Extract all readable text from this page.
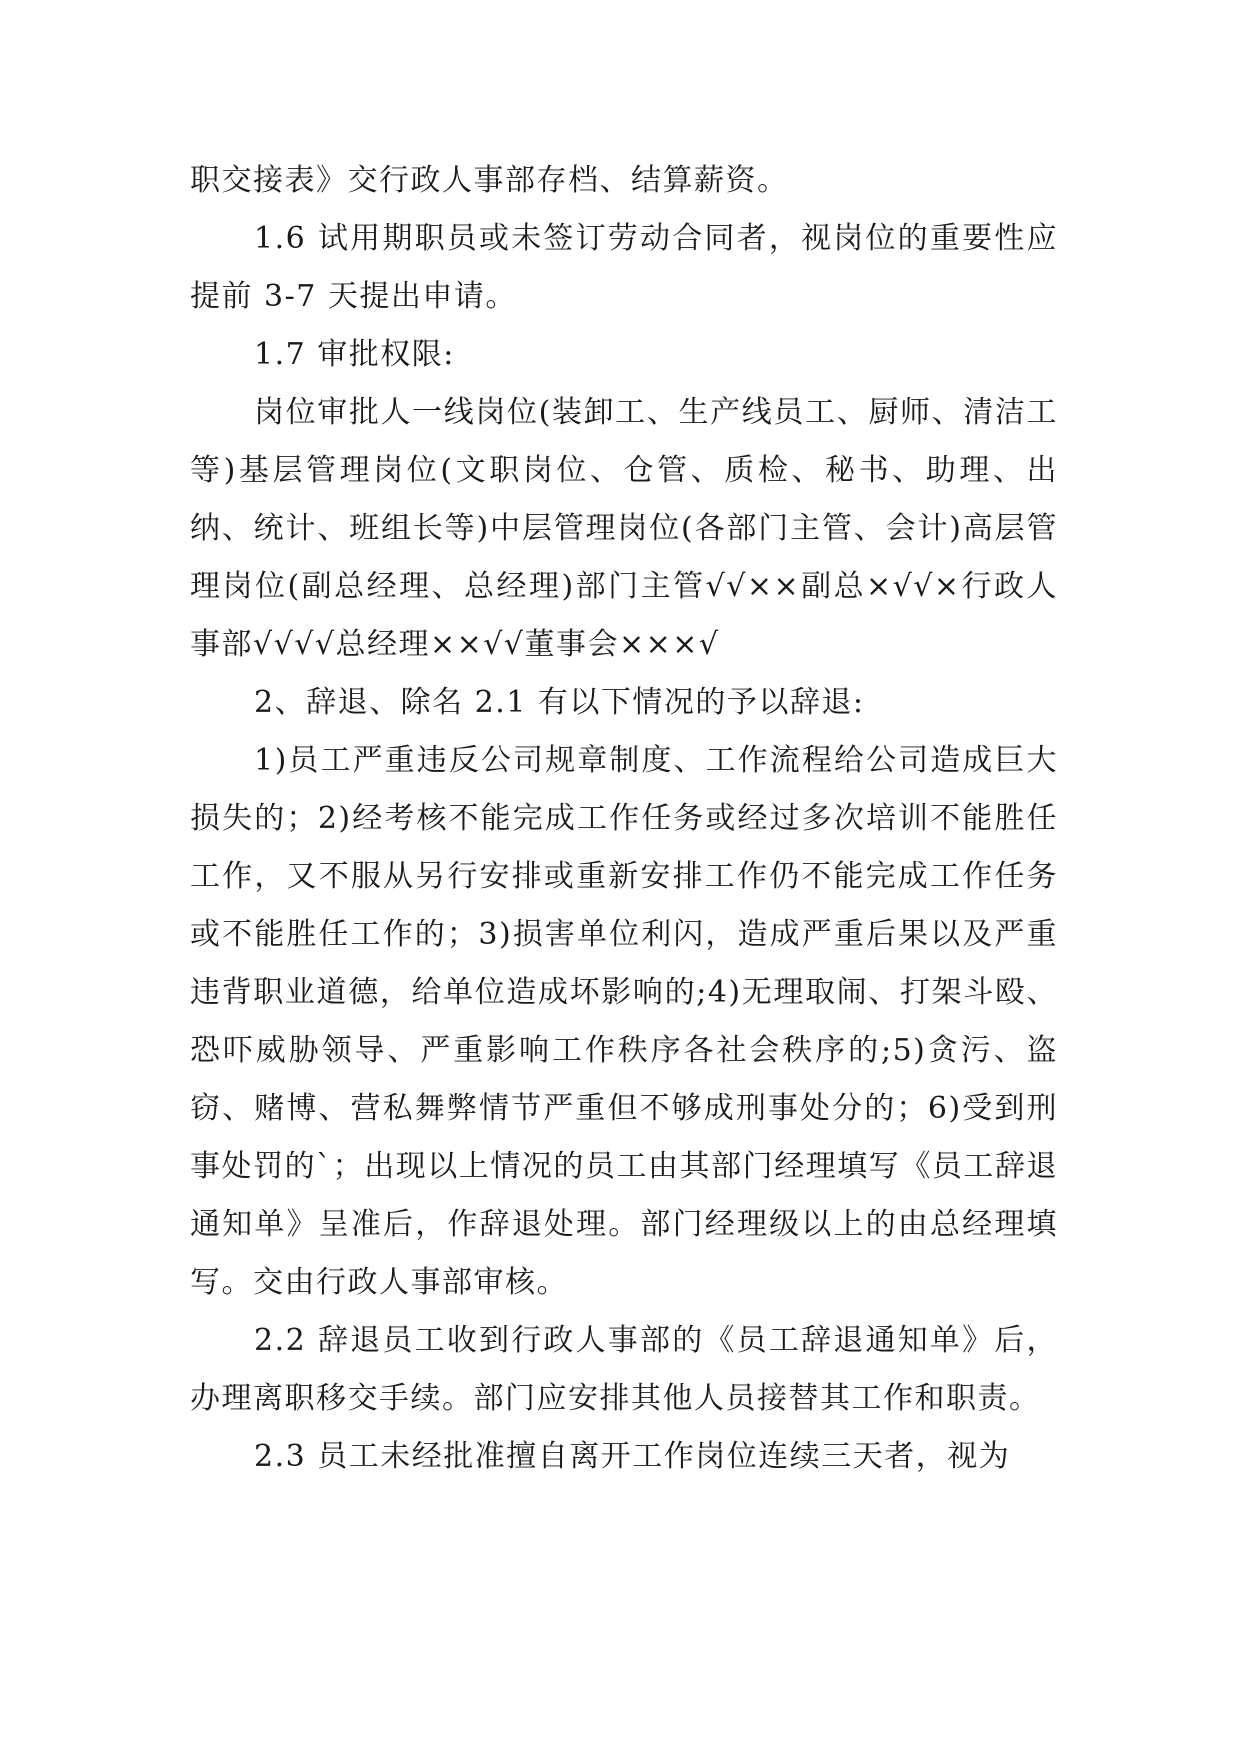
职交接表》交行政人事部存档、结算薪资。

1.6 试用期职员或未签订劳动合同者，视岗位的重要性应提前 3-7 天提出申请。

1.7 审批权限:

岗位审批人一线岗位(装卸工、生产线员工、厨师、清洁工等)基层管理岗位(文职岗位、仓管、质检、秘书、助理、出纳、统计、班组长等)中层管理岗位(各部门主管、会计)高层管理岗位(副总经理、总经理)部门主管√√××副总×√√×行政人事部√√√√总经理××√√董事会×××√

2、辞退、除名 2.1 有以下情况的予以辞退:

1)员工严重违反公司规章制度、工作流程给公司造成巨大损失的；2)经考核不能完成工作任务或经过多次培训不能胜任工作，又不服从另行安排或重新安排工作仍不能完成工作任务或不能胜任工作的；3)损害单位利闪，造成严重后果以及严重违背职业道德，给单位造成坏影响的;4)无理取闹、打架斗殴、恐吓威胁领导、严重影响工作秩序各社会秩序的;5)贪污、盗窃、赌博、营私舞弊情节严重但不够成刑事处分的；6)受到刑事处罚的`；出现以上情况的员工由其部门经理填写《员工辞退通知单》呈准后，作辞退处理。部门经理级以上的由总经理填写。交由行政人事部审核。

2.2 辞退员工收到行政人事部的《员工辞退通知单》后，办理离职移交手续。部门应安排其他人员接替其工作和职责。

2.3 员工未经批准擅自离开工作岗位连续三天者，视为
